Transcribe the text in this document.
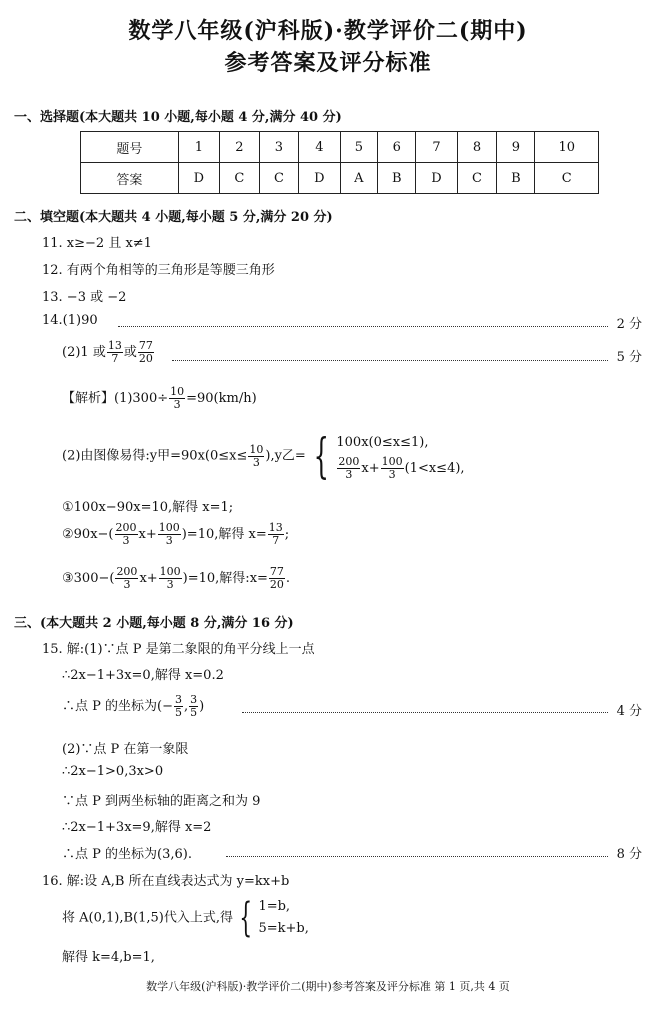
数学八年级(沪科版)·教学评价二(期中)
参考答案及评分标准
一、选择题(本大题共 10 小题,每小题 4 分,满分 40 分)
题号	1	2	3	4	5	6	7	8	9	10
答案	D	C	C	D	A	B	D	C	B	C
二、填空题(本大题共 4 小题,每小题 5 分,满分 20 分)
11. x≥−2 且 x≠1
12. 有两个角相等的三角形是等腰三角形
13. −3 或 −2
14.(1)90	2 分
(2)1 或 $\frac{13}{7}$ 或 $\frac{77}{20}$	5 分
【解析】$(1)300\div \frac{10}{3} =90(km/h)$
(2)由图像易得:y甲$=90x(0\le x\le \frac{10}{3} ),y$乙= { 100x(0≤x≤1),
$\frac{200}{3} x+ \frac{100}{3} (1<x\le 4)$,
①100x−90x=10,解得 x=1;
②90x−( $\frac{200}{3} x+ \frac{100}{3} )=10$,解得 $x= \frac{13}{7}$ ;
③300−( $\frac{200}{3} x+ \frac{100}{3} )=10$,解得:x= $\frac{77}{20}$ .
三、(本大题共 2 小题,每小题 8 分,满分 16 分)
15. 解:(1)∵点 P 是第二象限的角平分线上一点
∴2x−1+3x=0,解得 x=0.2
∴点 P 的坐标为(− $\frac{3}{5}$ , $\frac{3}{5}$ )	4 分
(2)∵点 P 在第一象限
∴2x−1>0,3x>0
∵点 P 到两坐标轴的距离之和为 9
∴2x−1+3x=9,解得 x=2
∴点 P 的坐标为(3,6).	8 分
16. 解:设 A,B 所在直线表达式为 y=kx+b
将 A(0,1),B(1,5)代入上式,得 { 1=b,
5=k+b,
解得 k=4,b=1,
数学八年级(沪科版)·教学评价二(期中)参考答案及评分标准 第 1 页,共 4 页
